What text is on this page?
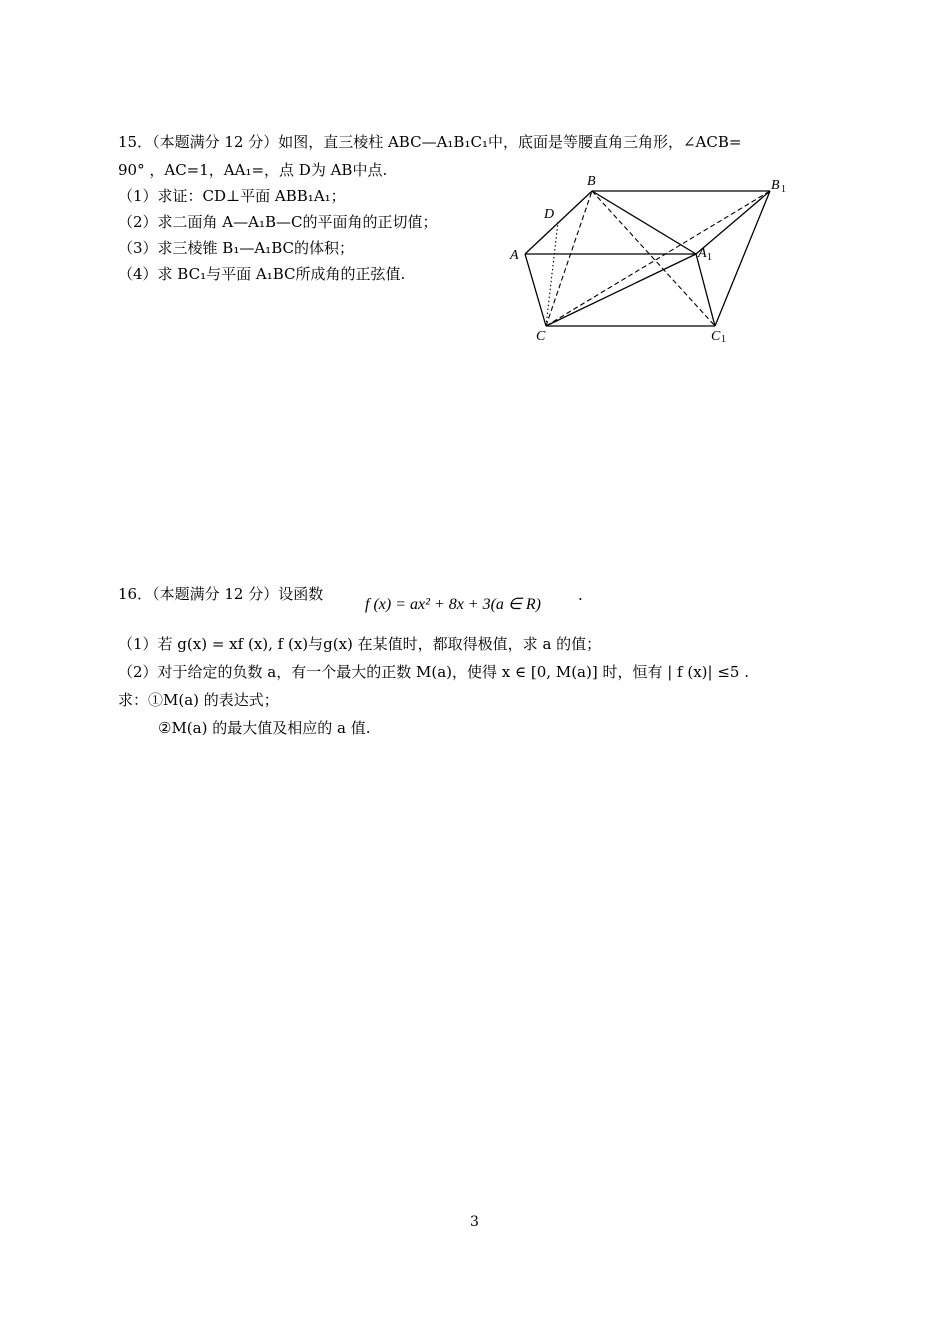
15．（本题满分 12 分）如图，直三棱柱 ABC—A₁B₁C₁中，底面是等腰直角三角形，∠ACB=
90° ，AC=1，AA₁=，点 D为 AB中点.
（1）求证：CD⊥平面 ABB₁A₁；
（2）求二面角 A—A₁B—C的平面角的正切值；
（3）求三棱锥 B₁—A₁BC的体积；
（4）求 BC₁与平面 A₁BC所成角的正弦值.
B	B 1
D
A	A 1
C	C 1
16．（本题满分 12 分）设函数
f (x) = ax² + 8x + 3(a ∈ R)
.
（1）若 g(x) = xf (x), f (x)与g(x) 在某值时，都取得极值，求 a 的值；
（2）对于给定的负数 a，有一个最大的正数 M(a)，使得 x ∈ [0, M(a)] 时，恒有 | f (x)| ≤5 .
求：①M(a) 的表达式；
②M(a) 的最大值及相应的 a 值.
3
